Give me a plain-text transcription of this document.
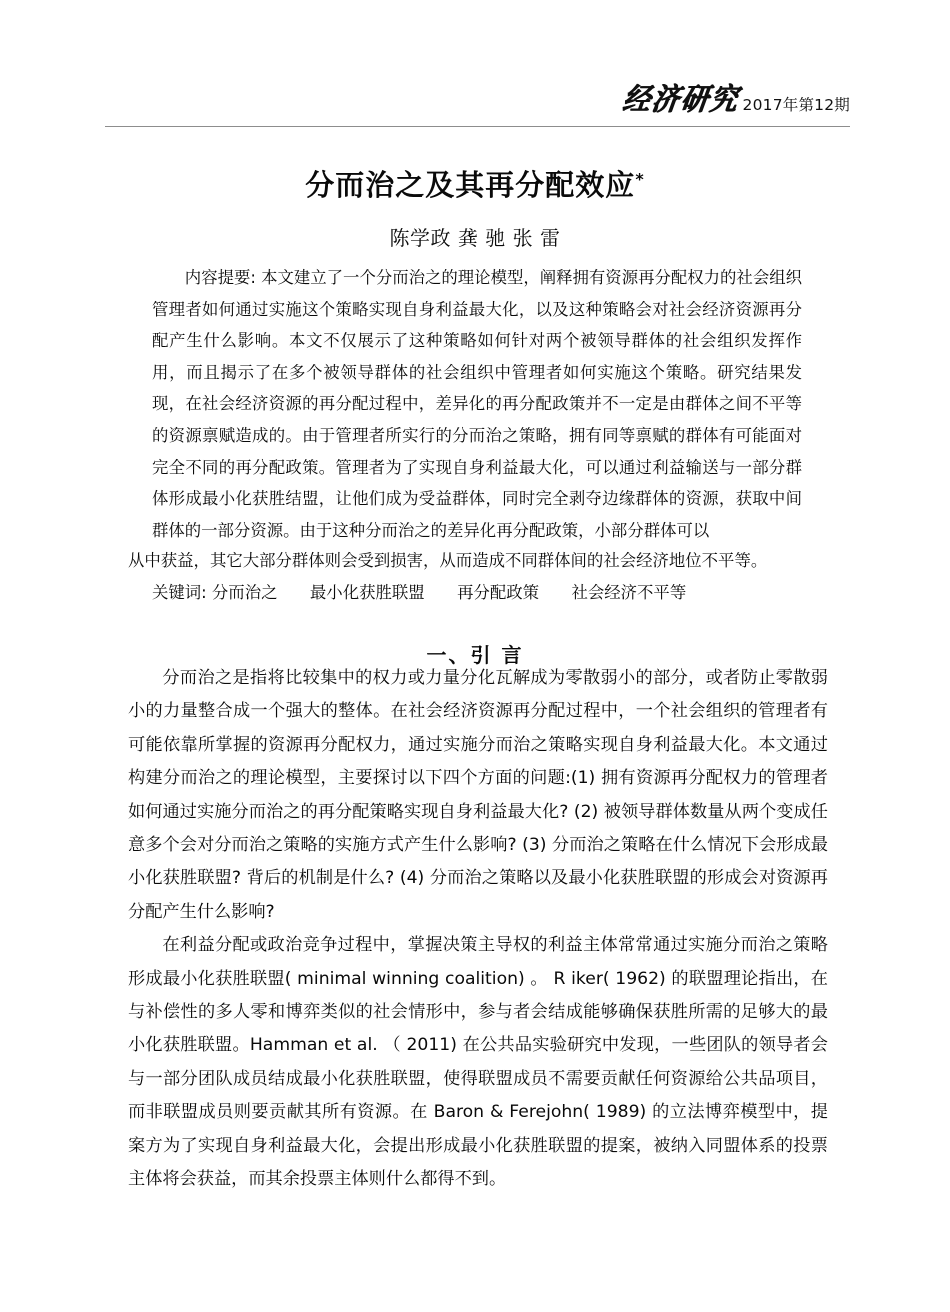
经济研究 2017年第12期
分而治之及其再分配效应*
陈学政 龚 驰 张 雷
内容提要: 本文建立了一个分而治之的理论模型，阐释拥有资源再分配权力的社会组织管理者如何通过实施这个策略实现自身利益最大化，以及这种策略会对社会经济资源再分配产生什么影响。本文不仅展示了这种策略如何针对两个被领导群体的社会组织发挥作用，而且揭示了在多个被领导群体的社会组织中管理者如何实施这个策略。研究结果发现，在社会经济资源的再分配过程中，差异化的再分配政策并不一定是由群体之间不平等的资源禀赋造成的。由于管理者所实行的分而治之策略，拥有同等禀赋的群体有可能面对完全不同的再分配政策。管理者为了实现自身利益最大化，可以通过利益输送与一部分群体形成最小化获胜结盟，让他们成为受益群体，同时完全剥夺边缘群体的资源，获取中间群体的一部分资源。由于这种分而治之的差异化再分配政策，小部分群体可以
从中获益，其它大部分群体则会受到损害，从而造成不同群体间的社会经济地位不平等。
关键词: 分而治之 最小化获胜联盟 再分配政策 社会经济不平等
一、引 言

分而治之是指将比较集中的权力或力量分化瓦解成为零散弱小的部分，或者防止零散弱小的力量整合成一个强大的整体。在社会经济资源再分配过程中，一个社会组织的管理者有可能依靠所掌握的资源再分配权力，通过实施分而治之策略实现自身利益最大化。本文通过构建分而治之的理论模型，主要探讨以下四个方面的问题:(1) 拥有资源再分配权力的管理者如何通过实施分而治之的再分配策略实现自身利益最大化? (2) 被领导群体数量从两个变成任意多个会对分而治之策略的实施方式产生什么影响? (3) 分而治之策略在什么情况下会形成最小化获胜联盟? 背后的机制是什么? (4) 分而治之策略以及最小化获胜联盟的形成会对资源再分配产生什么影响?

在利益分配或政治竞争过程中，掌握决策主导权的利益主体常常通过实施分而治之策略形成最小化获胜联盟( minimal winning coalition) 。 R iker( 1962) 的联盟理论指出，在与补偿性的多人零和博弈类似的社会情形中，参与者会结成能够确保获胜所需的足够大的最小化获胜联盟。Hamman et al. （ 2011) 在公共品实验研究中发现，一些团队的领导者会与一部分团队成员结成最小化获胜联盟，使得联盟成员不需要贡献任何资源给公共品项目，而非联盟成员则要贡献其所有资源。在 Baron & Ferejohn( 1989) 的立法博弈模型中，提案方为了实现自身利益最大化，会提出形成最小化获胜联盟的提案，被纳入同盟体系的投票主体将会获益，而其余投票主体则什么都得不到。
